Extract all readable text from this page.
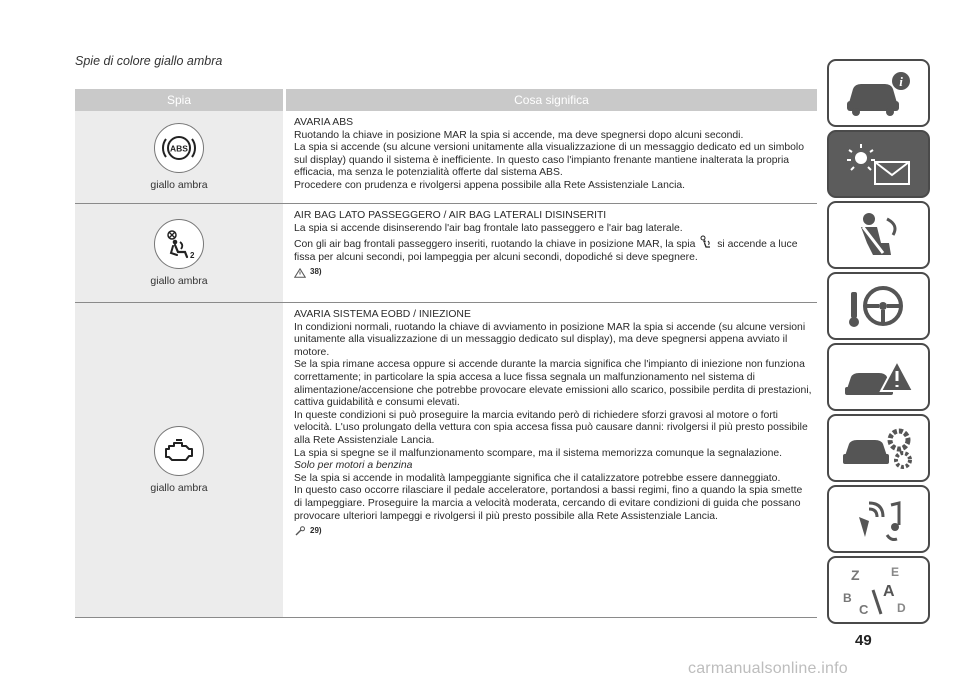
Spie di colore giallo ambra
Spia	Cosa significa
ABS
giallo ambra

AVARIA ABS

Ruotando la chiave in posizione MAR la spia si accende, ma deve spegnersi dopo alcuni secondi.

La spia si accende (su alcune versioni unitamente alla visualizzazione di un messaggio dedicato ed un simbolo sul display) quando il sistema è inefficiente. In questo caso l'impianto frenante mantiene inalterata la propria efficacia, ma senza le potenzialità offerte dal sistema ABS.

Procedere con prudenza e rivolgersi appena possibile alla Rete Assistenziale Lancia.

2
giallo ambra

AIR BAG LATO PASSEGGERO / AIR BAG LATERALI DISINSERITI

La spia si accende disinserendo l'air bag frontale lato passeggero e l'air bag laterale.

Con gli air bag frontali passeggero inseriti, ruotando la chiave in posizione MAR, la spia si accende a luce fissa per alcuni secondi, poi lampeggia per alcuni secondi, dopodiché si deve spegnere.

38)
giallo ambra

AVARIA SISTEMA EOBD / INIEZIONE

In condizioni normali, ruotando la chiave di avviamento in posizione MAR la spia si accende (su alcune versioni unitamente alla visualizzazione di un messaggio dedicato sul display), ma deve spegnersi appena avviato il motore.

Se la spia rimane accesa oppure si accende durante la marcia significa che l'impianto di iniezione non funziona correttamente; in particolare la spia accesa a luce fissa segnala un malfunzionamento nel sistema di alimentazione/accensione che potrebbe provocare elevate emissioni allo scarico, possibile perdita di prestazioni, cattiva guidabilità e consumi elevati.

In queste condizioni si può proseguire la marcia evitando però di richiedere sforzi gravosi al motore o forti velocità. L'uso prolungato della vettura con spia accesa fissa può causare danni: rivolgersi il più presto possibile alla Rete Assistenziale Lancia.

La spia si spegne se il malfunzionamento scompare, ma il sistema memorizza comunque la segnalazione.

Solo per motori a benzina

Se la spia si accende in modalità lampeggiante significa che il catalizzatore potrebbe essere danneggiato.

In questo caso occorre rilasciare il pedale acceleratore, portandosi a bassi regimi, fino a quando la spia smette di lampeggiare. Proseguire la marcia a velocità moderata, cercando di evitare condizioni di guida che possano provocare ulteriori lampeggi e rivolgersi il più presto possibile alla Rete Assistenziale Lancia.

29)
i
Z	E
A
B
C D
49
carmanualsonline.info
